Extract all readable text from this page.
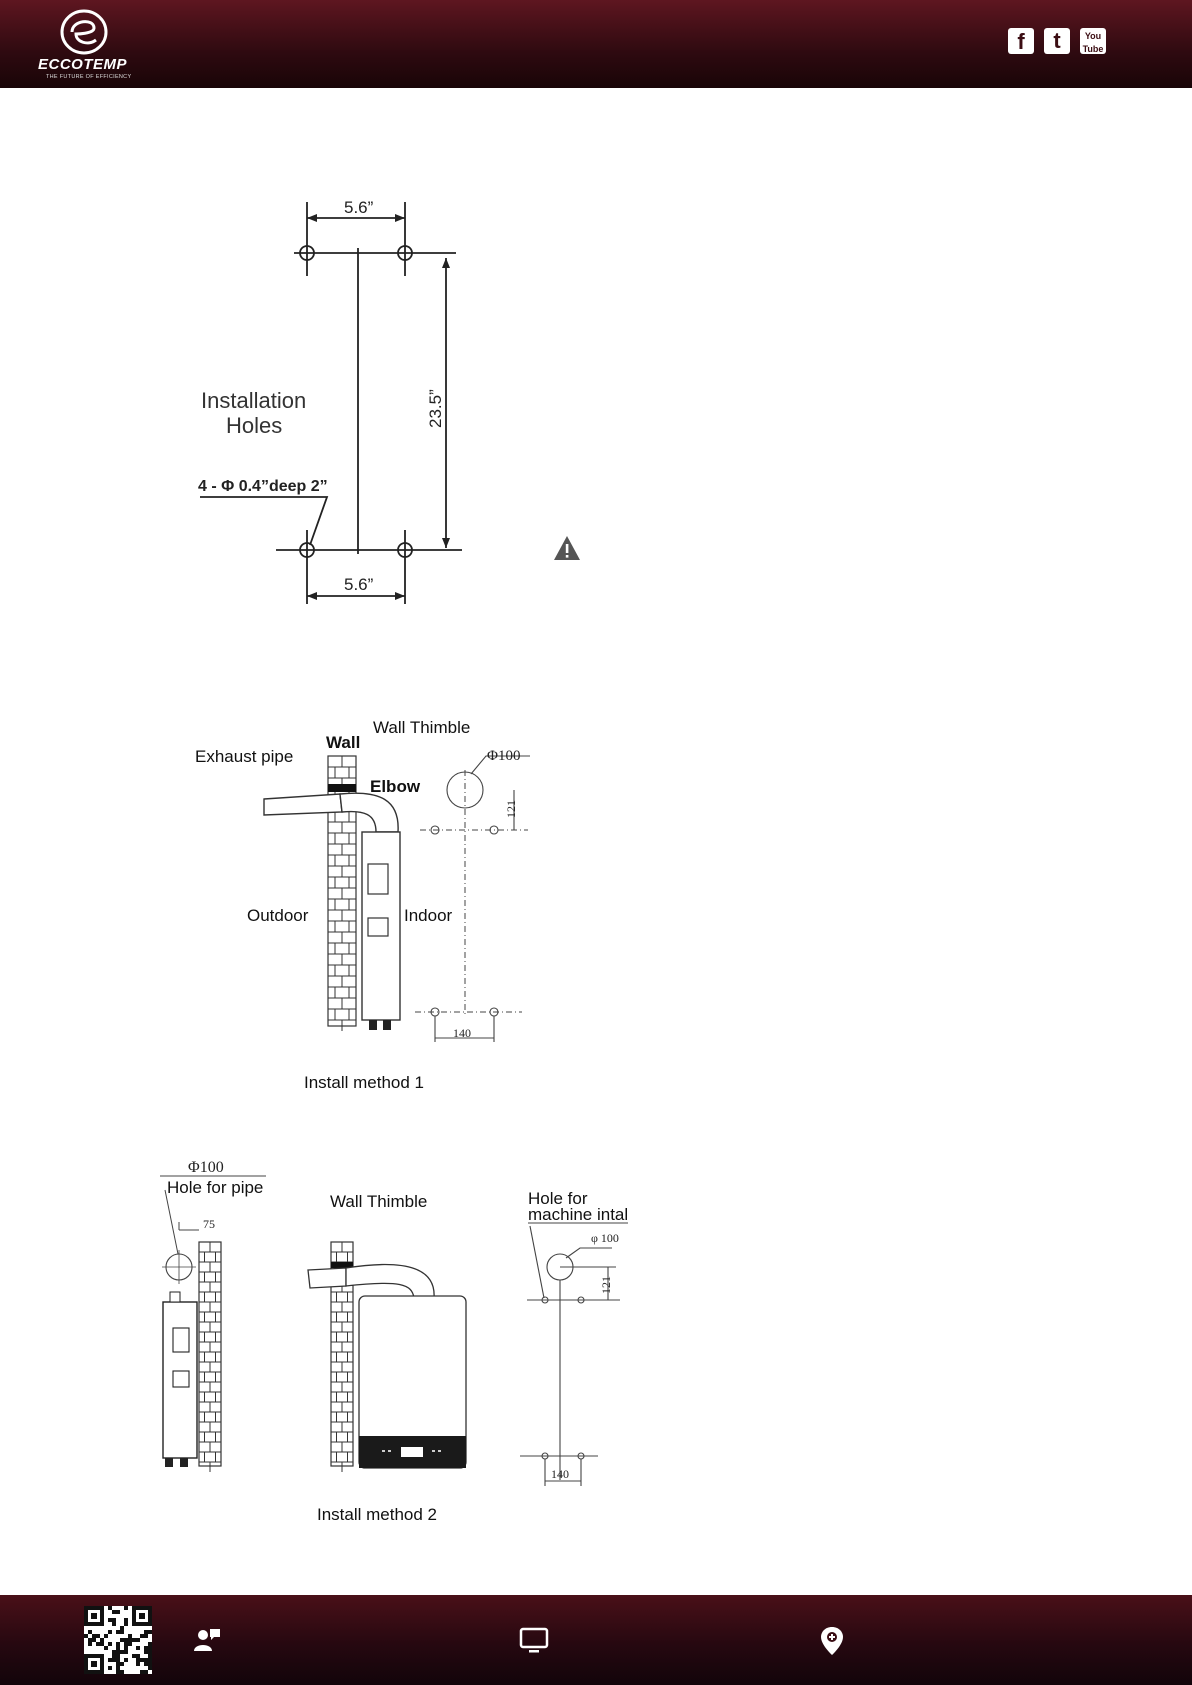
ECCOTEMP
THE FUTURE OF EFFICIENCY
f	t	You
Tube
5.6”
5.6”
23.5”
Installation
Holes
4 - Φ 0.4”deep 2”
Wall Thimble
Wall
Exhaust pipe
Elbow
Φ100
121
Outdoor	Indoor
140
Install method 1
Φ100
Hole for pipe
75
Wall Thimble	Hole for
machine intal
φ 100
121
140
Install method 2
